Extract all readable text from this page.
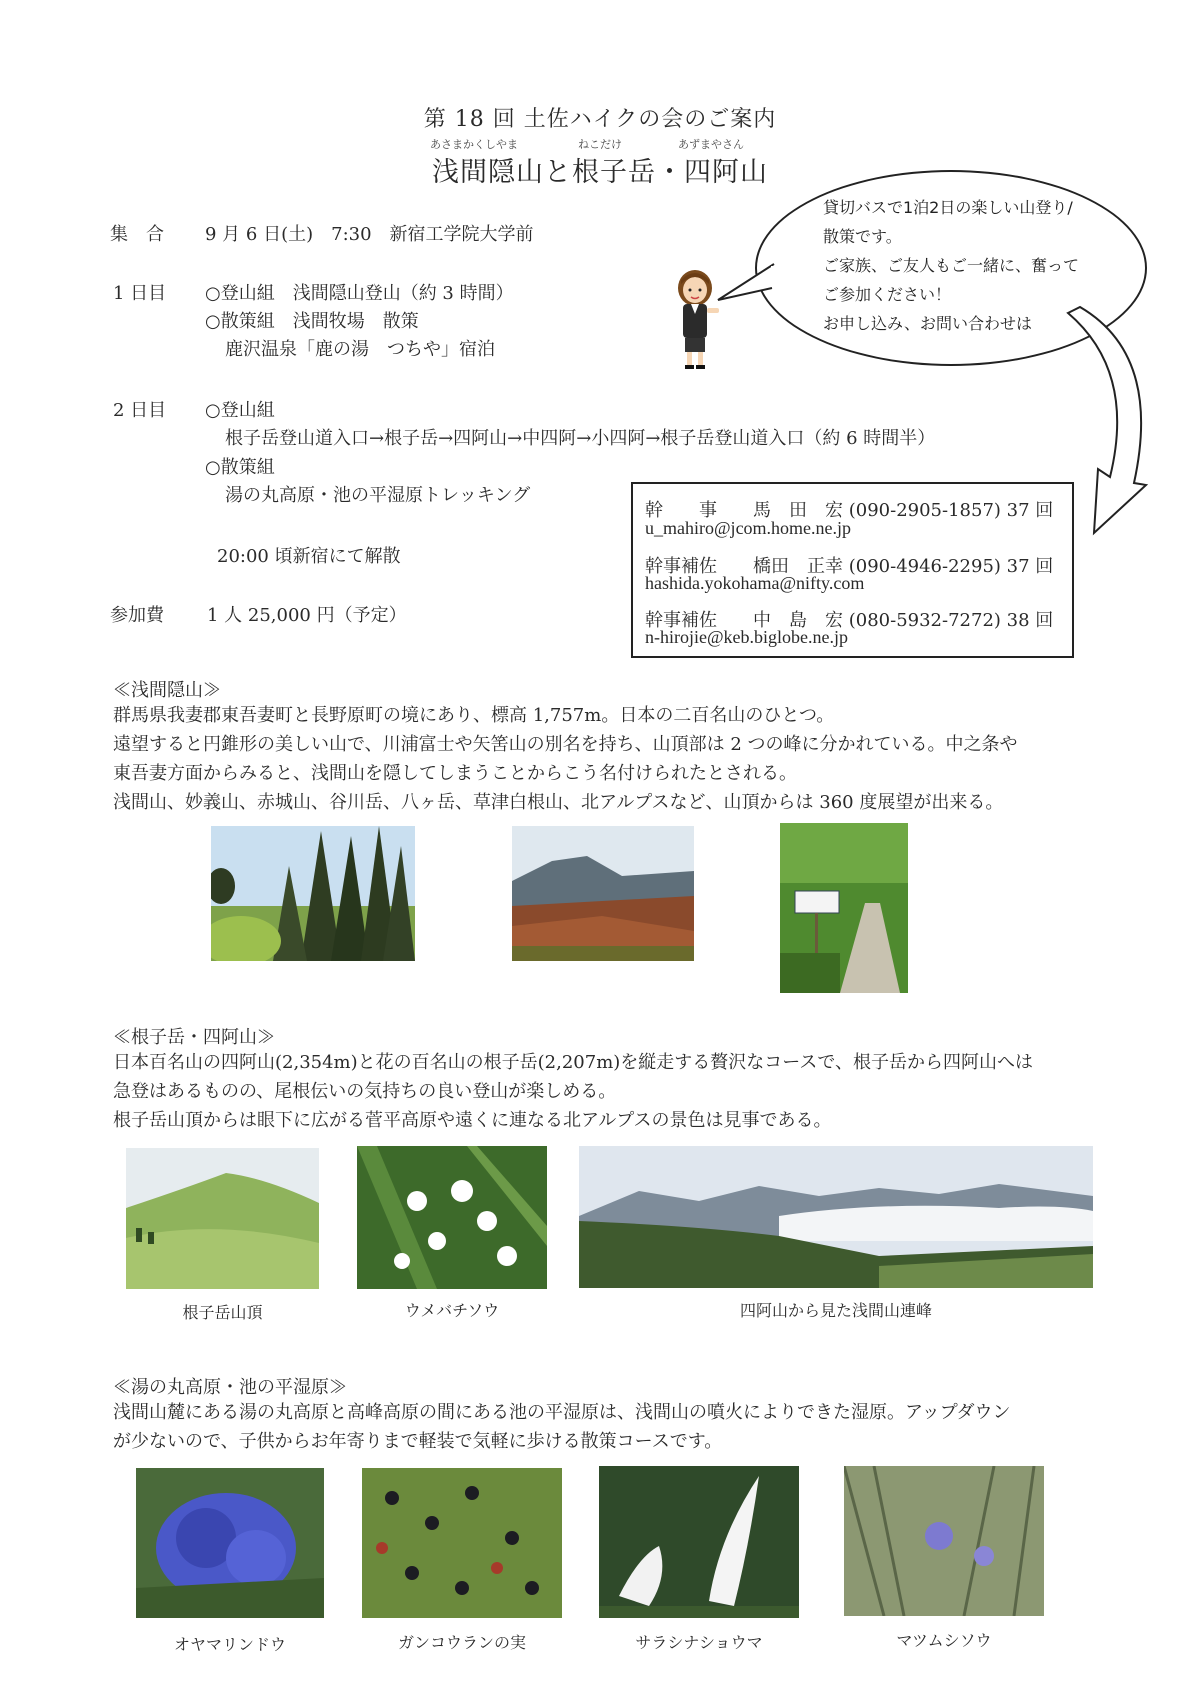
第 18 回 土佐ハイクの会のご案内
あさまかくしやま	ねこだけ	あずまやさん
浅間隠山と根子岳・四阿山
集　合 9 月 6 日(土)　7:30　新宿工学院大学前
1 日目 ○登山組　浅間隠山登山（約 3 時間）
○散策組　浅間牧場　散策
鹿沢温泉「鹿の湯　つちや」宿泊
2 日目 ○登山組
根子岳登山道入口→根子岳→四阿山→中四阿→小四阿→根子岳登山道入口（約 6 時間半）
○散策組
湯の丸高原・池の平湿原トレッキング
20:00 頃新宿にて解散
参加費 1 人 25,000 円（予定）
貸切バスで1泊2日の楽しい山登り/
散策です。
ご家族、ご友人もご一緒に、奮って
ご参加ください！
お申し込み、お問い合わせは
幹　　事　　 馬　田　宏 (090-2905-1857) 37 回
u_mahiro@jcom.home.ne.jp
幹事補佐　　 橋田　正幸 (090-4946-2295) 37 回
hashida.yokohama@nifty.com
幹事補佐　　 中　島　宏 (080-5932-7272) 38 回
n-hirojie@keb.biglobe.ne.jp
≪浅間隠山≫
群馬県我妻郡東吾妻町と長野原町の境にあり、標高 1,757m。日本の二百名山のひとつ。
遠望すると円錐形の美しい山で、川浦富士や矢筈山の別名を持ち、山頂部は 2 つの峰に分かれている。中之条や
東吾妻方面からみると、浅間山を隠してしまうことからこう名付けられたとされる。
浅間山、妙義山、赤城山、谷川岳、八ヶ岳、草津白根山、北アルプスなど、山頂からは 360 度展望が出来る。
≪根子岳・四阿山≫
日本百名山の四阿山(2,354m)と花の百名山の根子岳(2,207m)を縦走する贅沢なコースで、根子岳から四阿山へは
急登はあるものの、尾根伝いの気持ちの良い登山が楽しめる。
根子岳山頂からは眼下に広がる菅平高原や遠くに連なる北アルプスの景色は見事である。
根子岳山頂	ウメバチソウ	四阿山から見た浅間山連峰
≪湯の丸高原・池の平湿原≫
浅間山麓にある湯の丸高原と高峰高原の間にある池の平湿原は、浅間山の噴火によりできた湿原。アップダウン
が少ないので、子供からお年寄りまで軽装で気軽に歩ける散策コースです。
オヤマリンドウ	ガンコウランの実	サラシナショウマ	マツムシソウ
